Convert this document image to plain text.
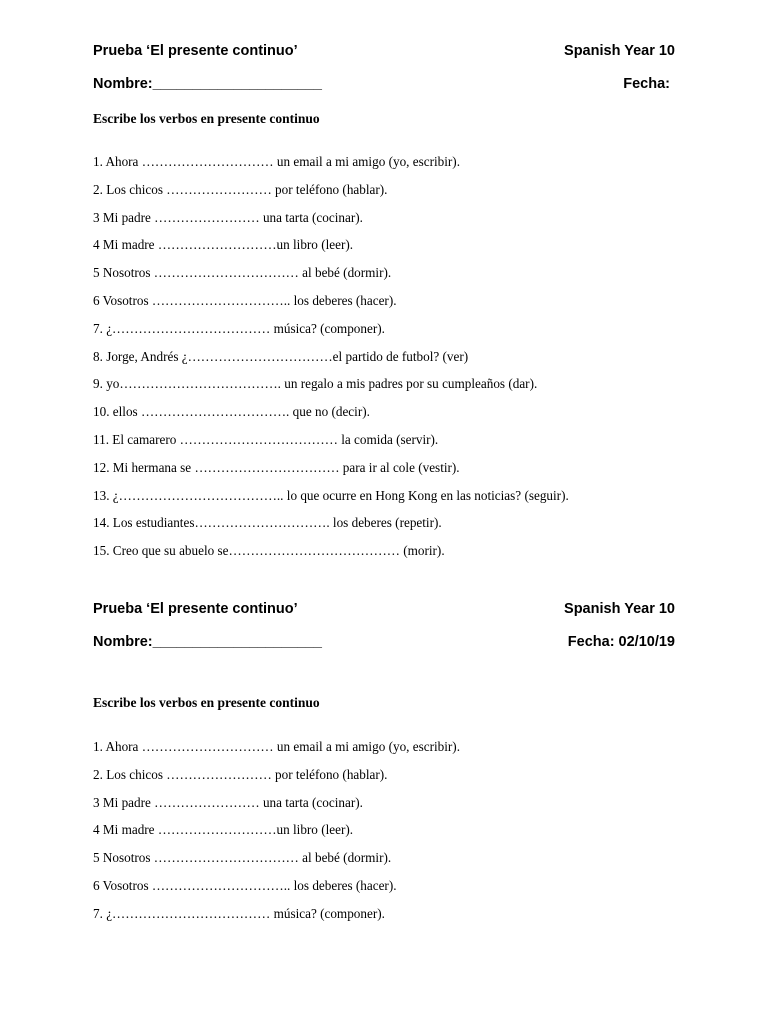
Prueba ‘El presente continuo’	Spanish Year 10
Nombre:_____________________	Fecha:
Escribe los verbos en presente continuo
1. Ahora ………………………… un email a mi amigo (yo, escribir).
2. Los chicos …………………… por teléfono (hablar).
3 Mi padre …………………… una tarta (cocinar).
4 Mi madre ………………………un libro (leer).
5 Nosotros …………………………… al bebé (dormir).
6 Vosotros ………………………….. los deberes (hacer).
7. ¿……………………………… música? (componer).
8. Jorge, Andrés ¿……………………………el partido de futbol? (ver)
9. yo………………………………. un regalo a mis padres por su cumpleaños (dar).
10. ellos ……………………………. que no (decir).
11. El camarero ……………………………… la comida (servir).
12. Mi hermana se …………………………… para ir al cole (vestir).
13. ¿……………………………….. lo que ocurre en Hong Kong en las noticias? (seguir).
14. Los estudiantes…………………………. los deberes (repetir).
15. Creo que su abuelo se………………………………… (morir).
Prueba ‘El presente continuo’	Spanish Year 10
Nombre:_____________________	Fecha: 02/10/19
Escribe los verbos en presente continuo
1. Ahora ………………………… un email a mi amigo (yo, escribir).
2. Los chicos …………………… por teléfono (hablar).
3 Mi padre …………………… una tarta (cocinar).
4 Mi madre ………………………un libro (leer).
5 Nosotros …………………………… al bebé (dormir).
6 Vosotros ………………………….. los deberes (hacer).
7. ¿……………………………… música? (componer).
